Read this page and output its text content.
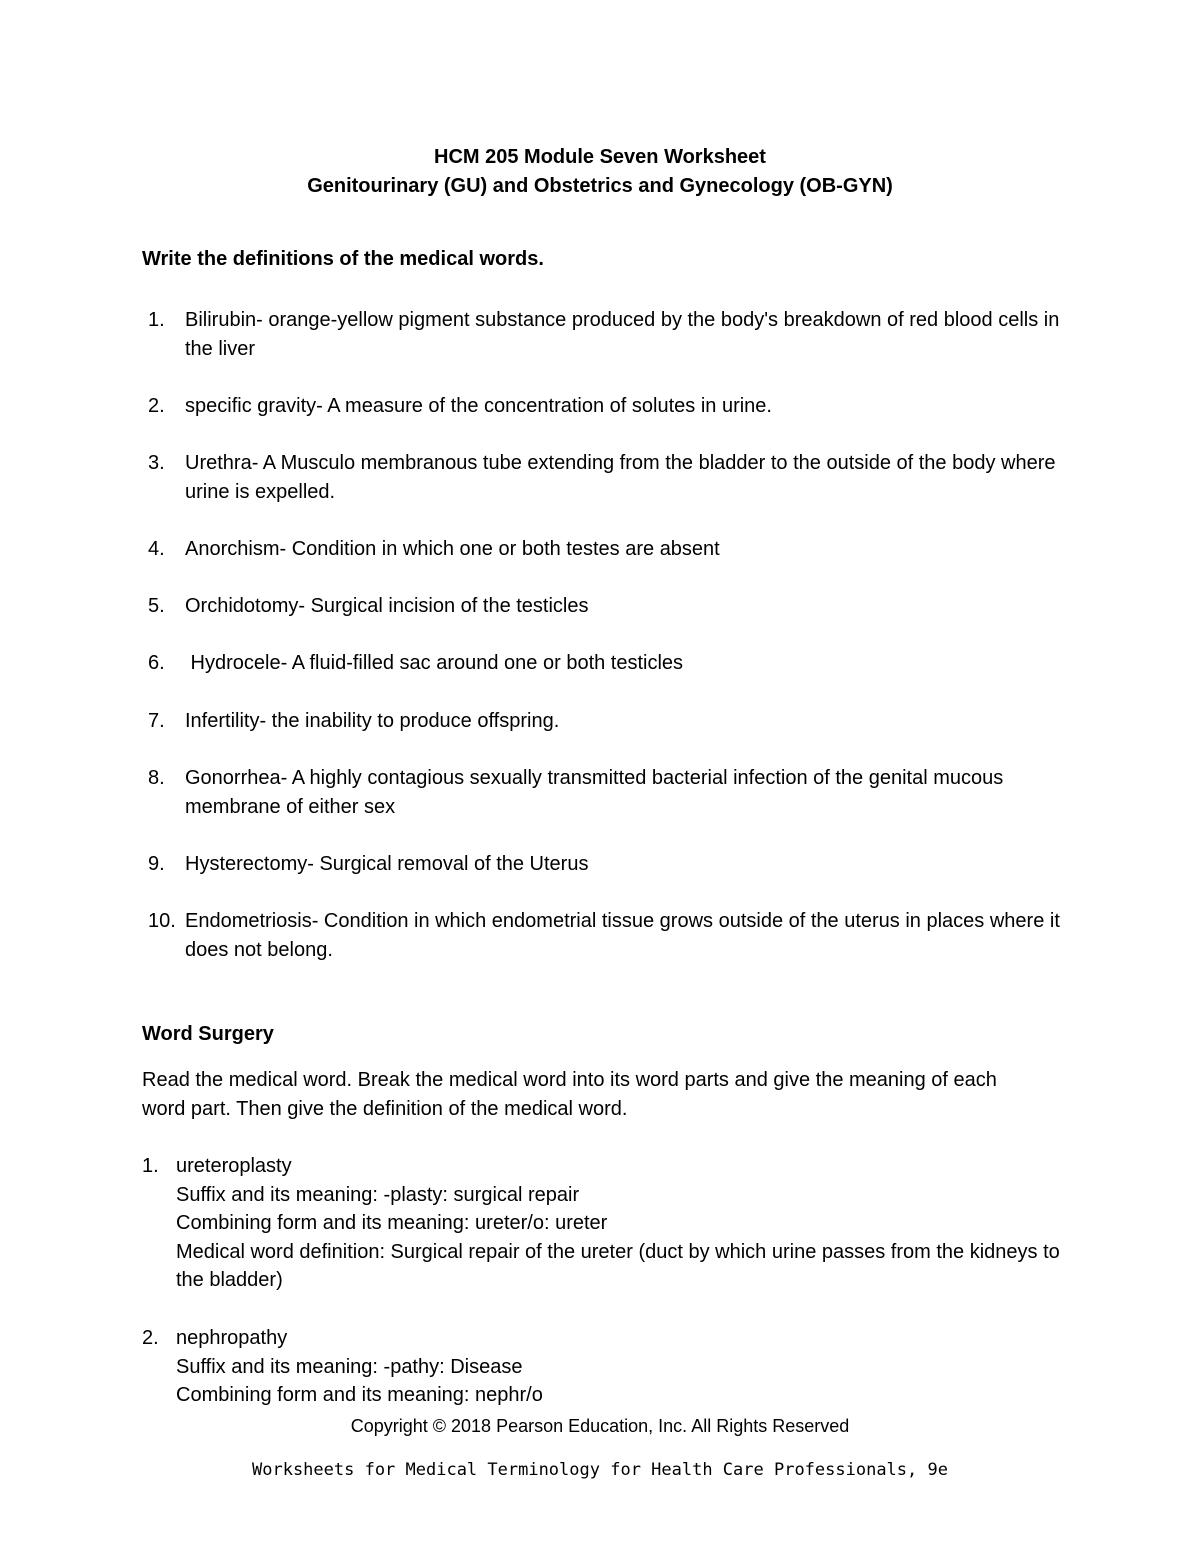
HCM 205 Module Seven Worksheet
Genitourinary (GU) and Obstetrics and Gynecology (OB-GYN)
Write the definitions of the medical words.
1. Bilirubin- orange-yellow pigment substance produced by the body's breakdown of red blood cells in the liver
2. specific gravity- A measure of the concentration of solutes in urine.
3. Urethra- A Musculo membranous tube extending from the bladder to the outside of the body where urine is expelled.
4. Anorchism- Condition in which one or both testes are absent
5. Orchidotomy- Surgical incision of the testicles
6. Hydrocele- A fluid-filled sac around one or both testicles
7. Infertility- the inability to produce offspring.
8. Gonorrhea- A highly contagious sexually transmitted bacterial infection of the genital mucous membrane of either sex
9. Hysterectomy- Surgical removal of the Uterus
10. Endometriosis- Condition in which endometrial tissue grows outside of the uterus in places where it does not belong.
Word Surgery
Read the medical word. Break the medical word into its word parts and give the meaning of each word part. Then give the definition of the medical word.
1. ureteroplasty
Suffix and its meaning: -plasty: surgical repair
Combining form and its meaning: ureter/o: ureter
Medical word definition: Surgical repair of the ureter (duct by which urine passes from the kidneys to the bladder)
2. nephropathy
Suffix and its meaning: -pathy: Disease
Combining form and its meaning: nephr/o
Copyright © 2018 Pearson Education, Inc. All Rights Reserved
Worksheets for Medical Terminology for Health Care Professionals, 9e
